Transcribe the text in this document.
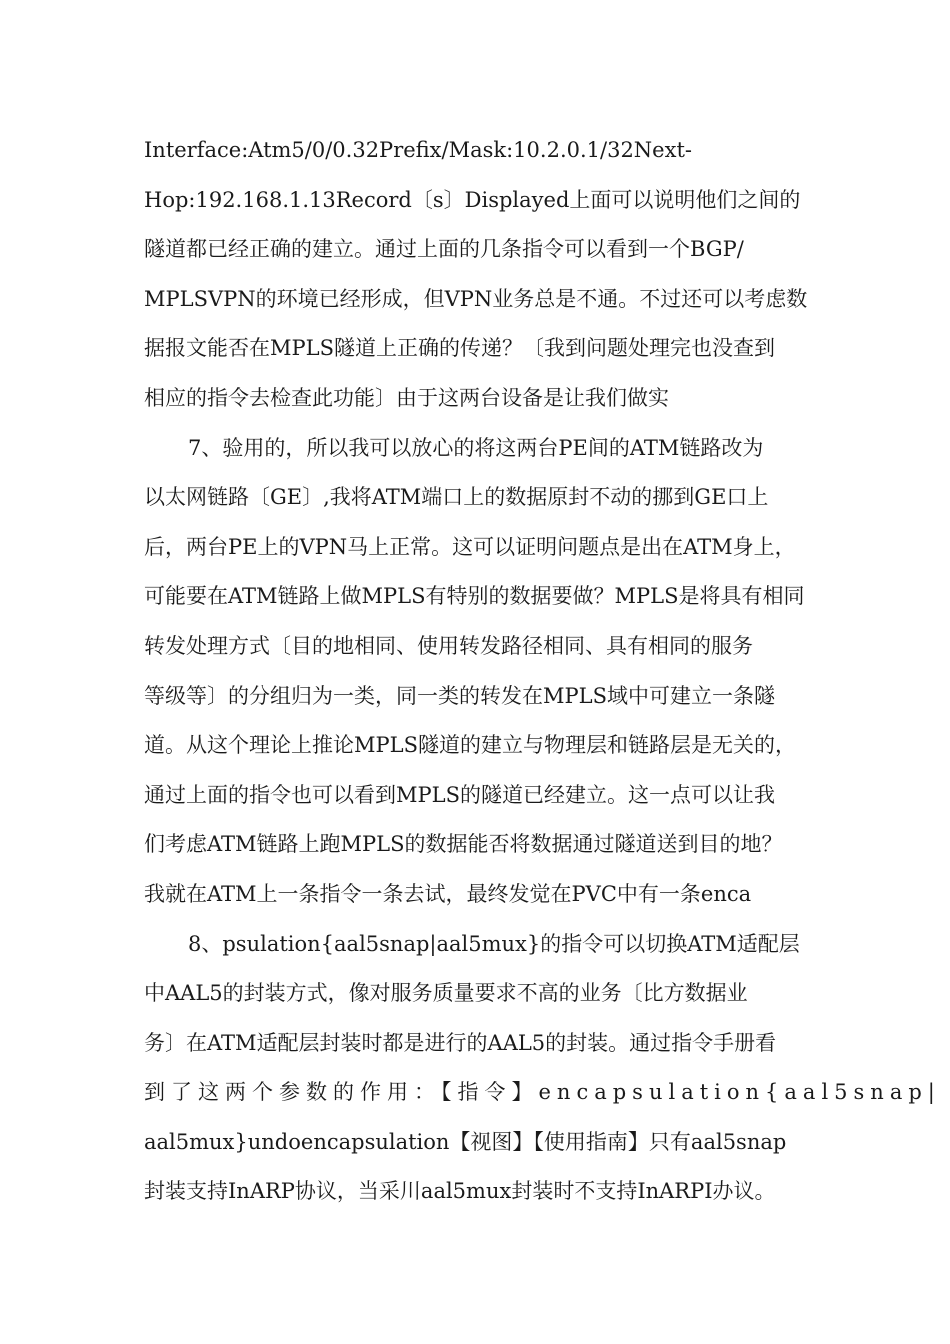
Interface:Atm5/0/0.32Prefix/Mask:10.2.0.1/32Next-
Hop:192.168.1.13Record〔s〕Displayed上面可以说明他们之间的
隧道都已经正确的建立。通过上面的几条指令可以看到一个BGP/
MPLSVPN的环境已经形成，但VPN业务总是不通。不过还可以考虑数
据报文能否在MPLS隧道上正确的传递？〔我到问题处理完也没查到
相应的指令去检查此功能〕由于这两台设备是让我们做实
7、验用的，所以我可以放心的将这两台PE间的ATM链路改为
以太网链路〔GE〕,我将ATM端口上的数据原封不动的挪到GE口上
后，两台PE上的VPN马上正常。这可以证明问题点是出在ATM身上，
可能要在ATM链路上做MPLS有特别的数据要做？MPLS是将具有相同
转发处理方式〔目的地相同、使用转发路径相同、具有相同的服务
等级等〕的分组归为一类，同一类的转发在MPLS域中可建立一条隧
道。从这个理论上推论MPLS隧道的建立与物理层和链路层是无关的，
通过上面的指令也可以看到MPLS的隧道已经建立。这一点可以让我
们考虑ATM链路上跑MPLS的数据能否将数据通过隧道送到目的地？
我就在ATM上一条指令一条去试，最终发觉在PVC中有一条enca
8、psulation{aal5snap|aal5mux}的指令可以切换ATM适配层
中AAL5的封装方式，像对服务质量要求不高的业务〔比方数据业
务〕在ATM适配层封装时都是进行的AAL5的封装。通过指令手册看
到了这两个参数的作用：【指令】encapsulation{aal5snap|
aal5mux}undoencapsulation【视图】【使用指南】只有aal5snap
封装支持InARP协议，当采川aal5mux封装时不支持InARPI办议。
